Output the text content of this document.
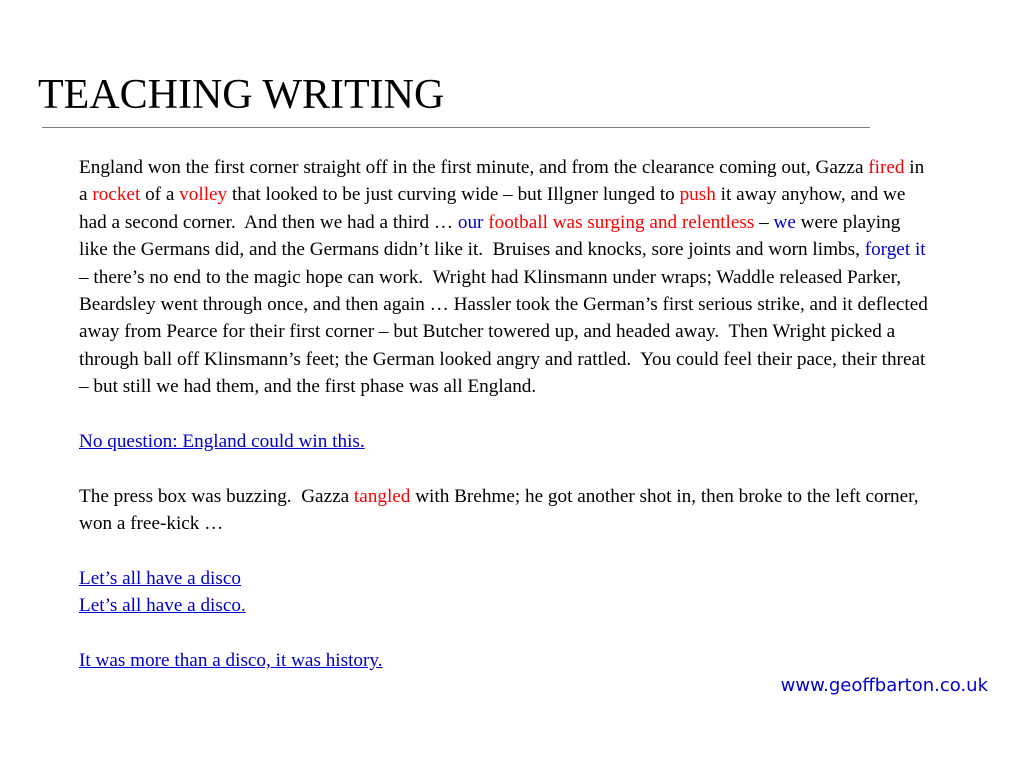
TEACHING WRITING

England won the first corner straight off in the first minute, and from the clearance coming out, Gazza fired in a rocket of a volley that looked to be just curving wide – but Illgner lunged to push it away anyhow, and we had a second corner.  And then we had a third … our football was surging and relentless – we were playing like the Germans did, and the Germans didn’t like it.  Bruises and knocks, sore joints and worn limbs, forget it – there’s no end to the magic hope can work.  Wright had Klinsmann under wraps; Waddle released Parker, Beardsley went through once, and then again … Hassler took the German’s first serious strike, and it deflected away from Pearce for their first corner – but Butcher towered up, and headed away.  Then Wright picked a through ball off Klinsmann’s feet; the German looked angry and rattled.  You could feel their pace, their threat – but still we had them, and the first phase was all England.

No question: England could win this.

The press box was buzzing.  Gazza tangled with Brehme; he got another shot in, then broke to the left corner, won a free-kick …

Let’s all have a disco

Let’s all have a disco.

It was more than a disco, it was history.

www.geoffbarton.co.uk
